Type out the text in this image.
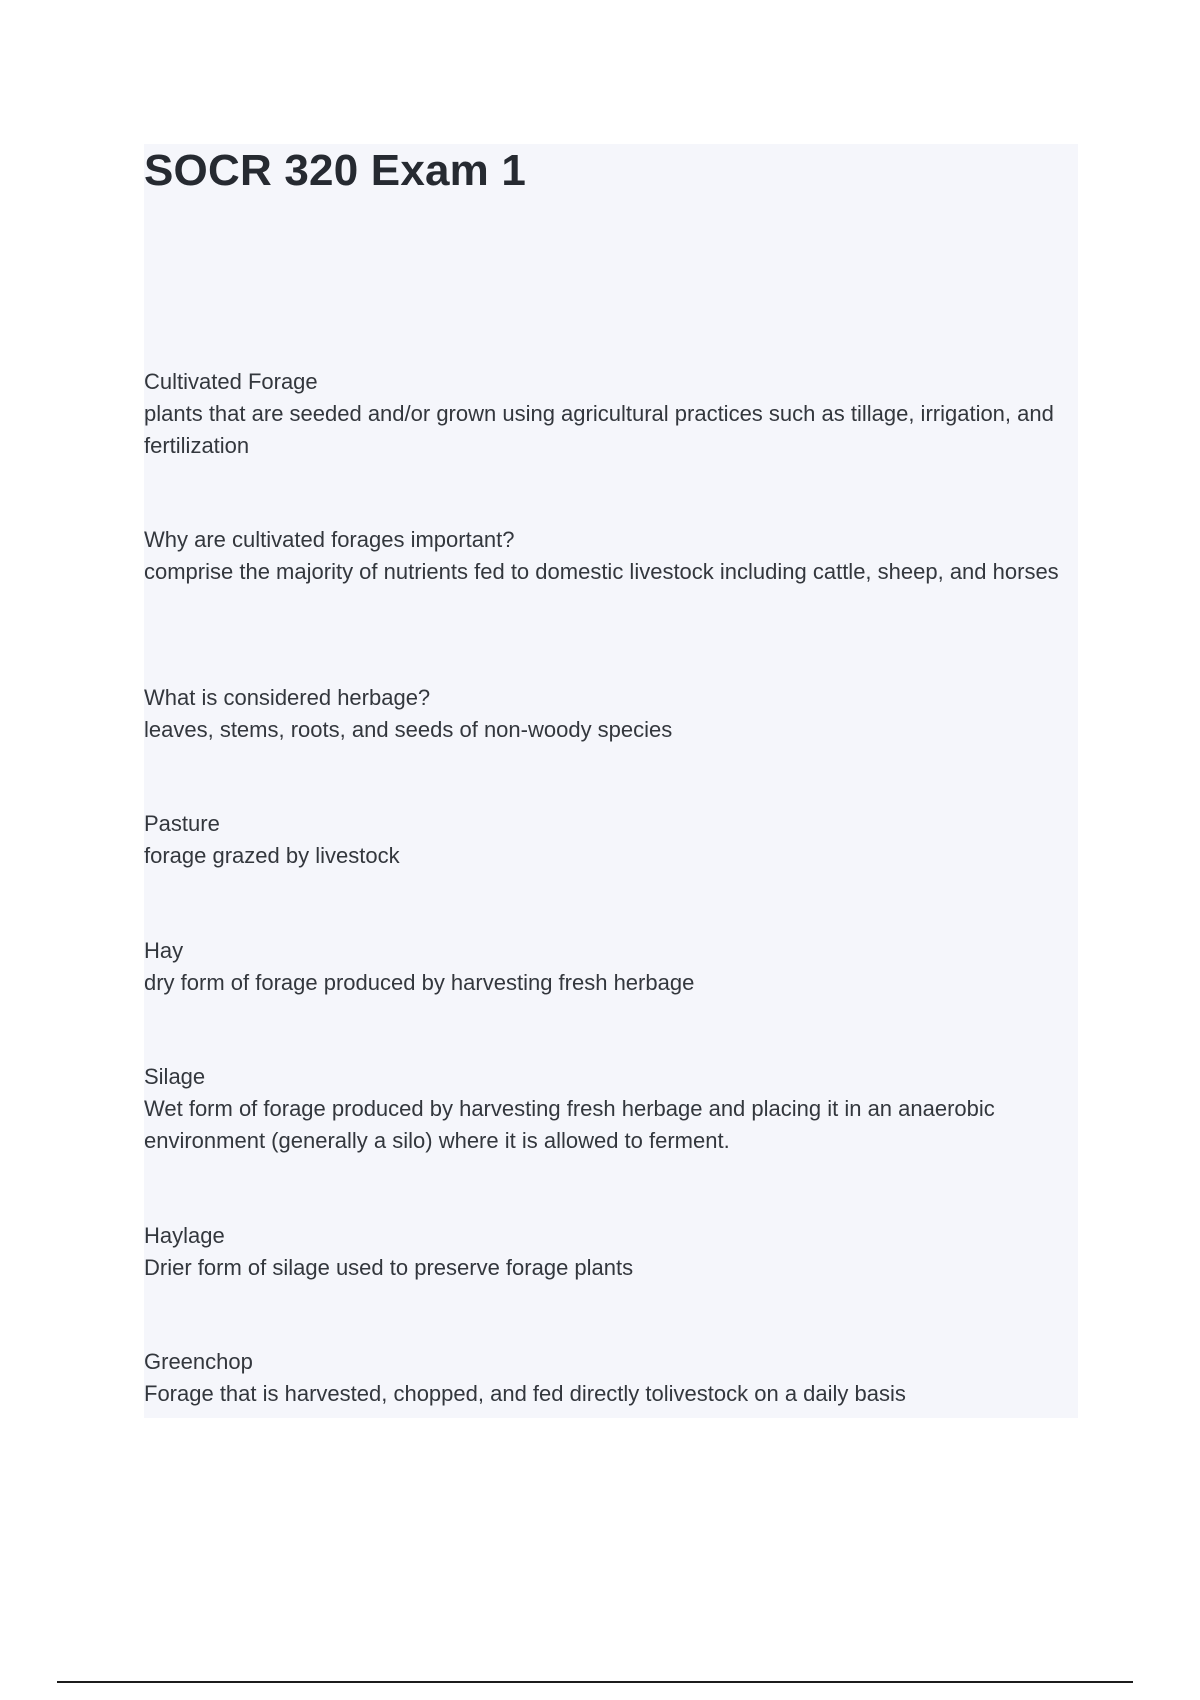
SOCR 320 Exam 1
Cultivated Forage
plants that are seeded and/or grown using agricultural practices such as tillage, irrigation, and fertilization
Why are cultivated forages important?
comprise the majority of nutrients fed to domestic livestock including cattle, sheep, and horses
What is considered herbage?
leaves, stems, roots, and seeds of non-woody species
Pasture
forage grazed by livestock
Hay
dry form of forage produced by harvesting fresh herbage
Silage
Wet form of forage produced by harvesting fresh herbage and placing it in an anaerobic environment (generally a silo) where it is allowed to ferment.
Haylage
Drier form of silage used to preserve forage plants
Greenchop
Forage that is harvested, chopped, and fed directly tolivestock on a daily basis
